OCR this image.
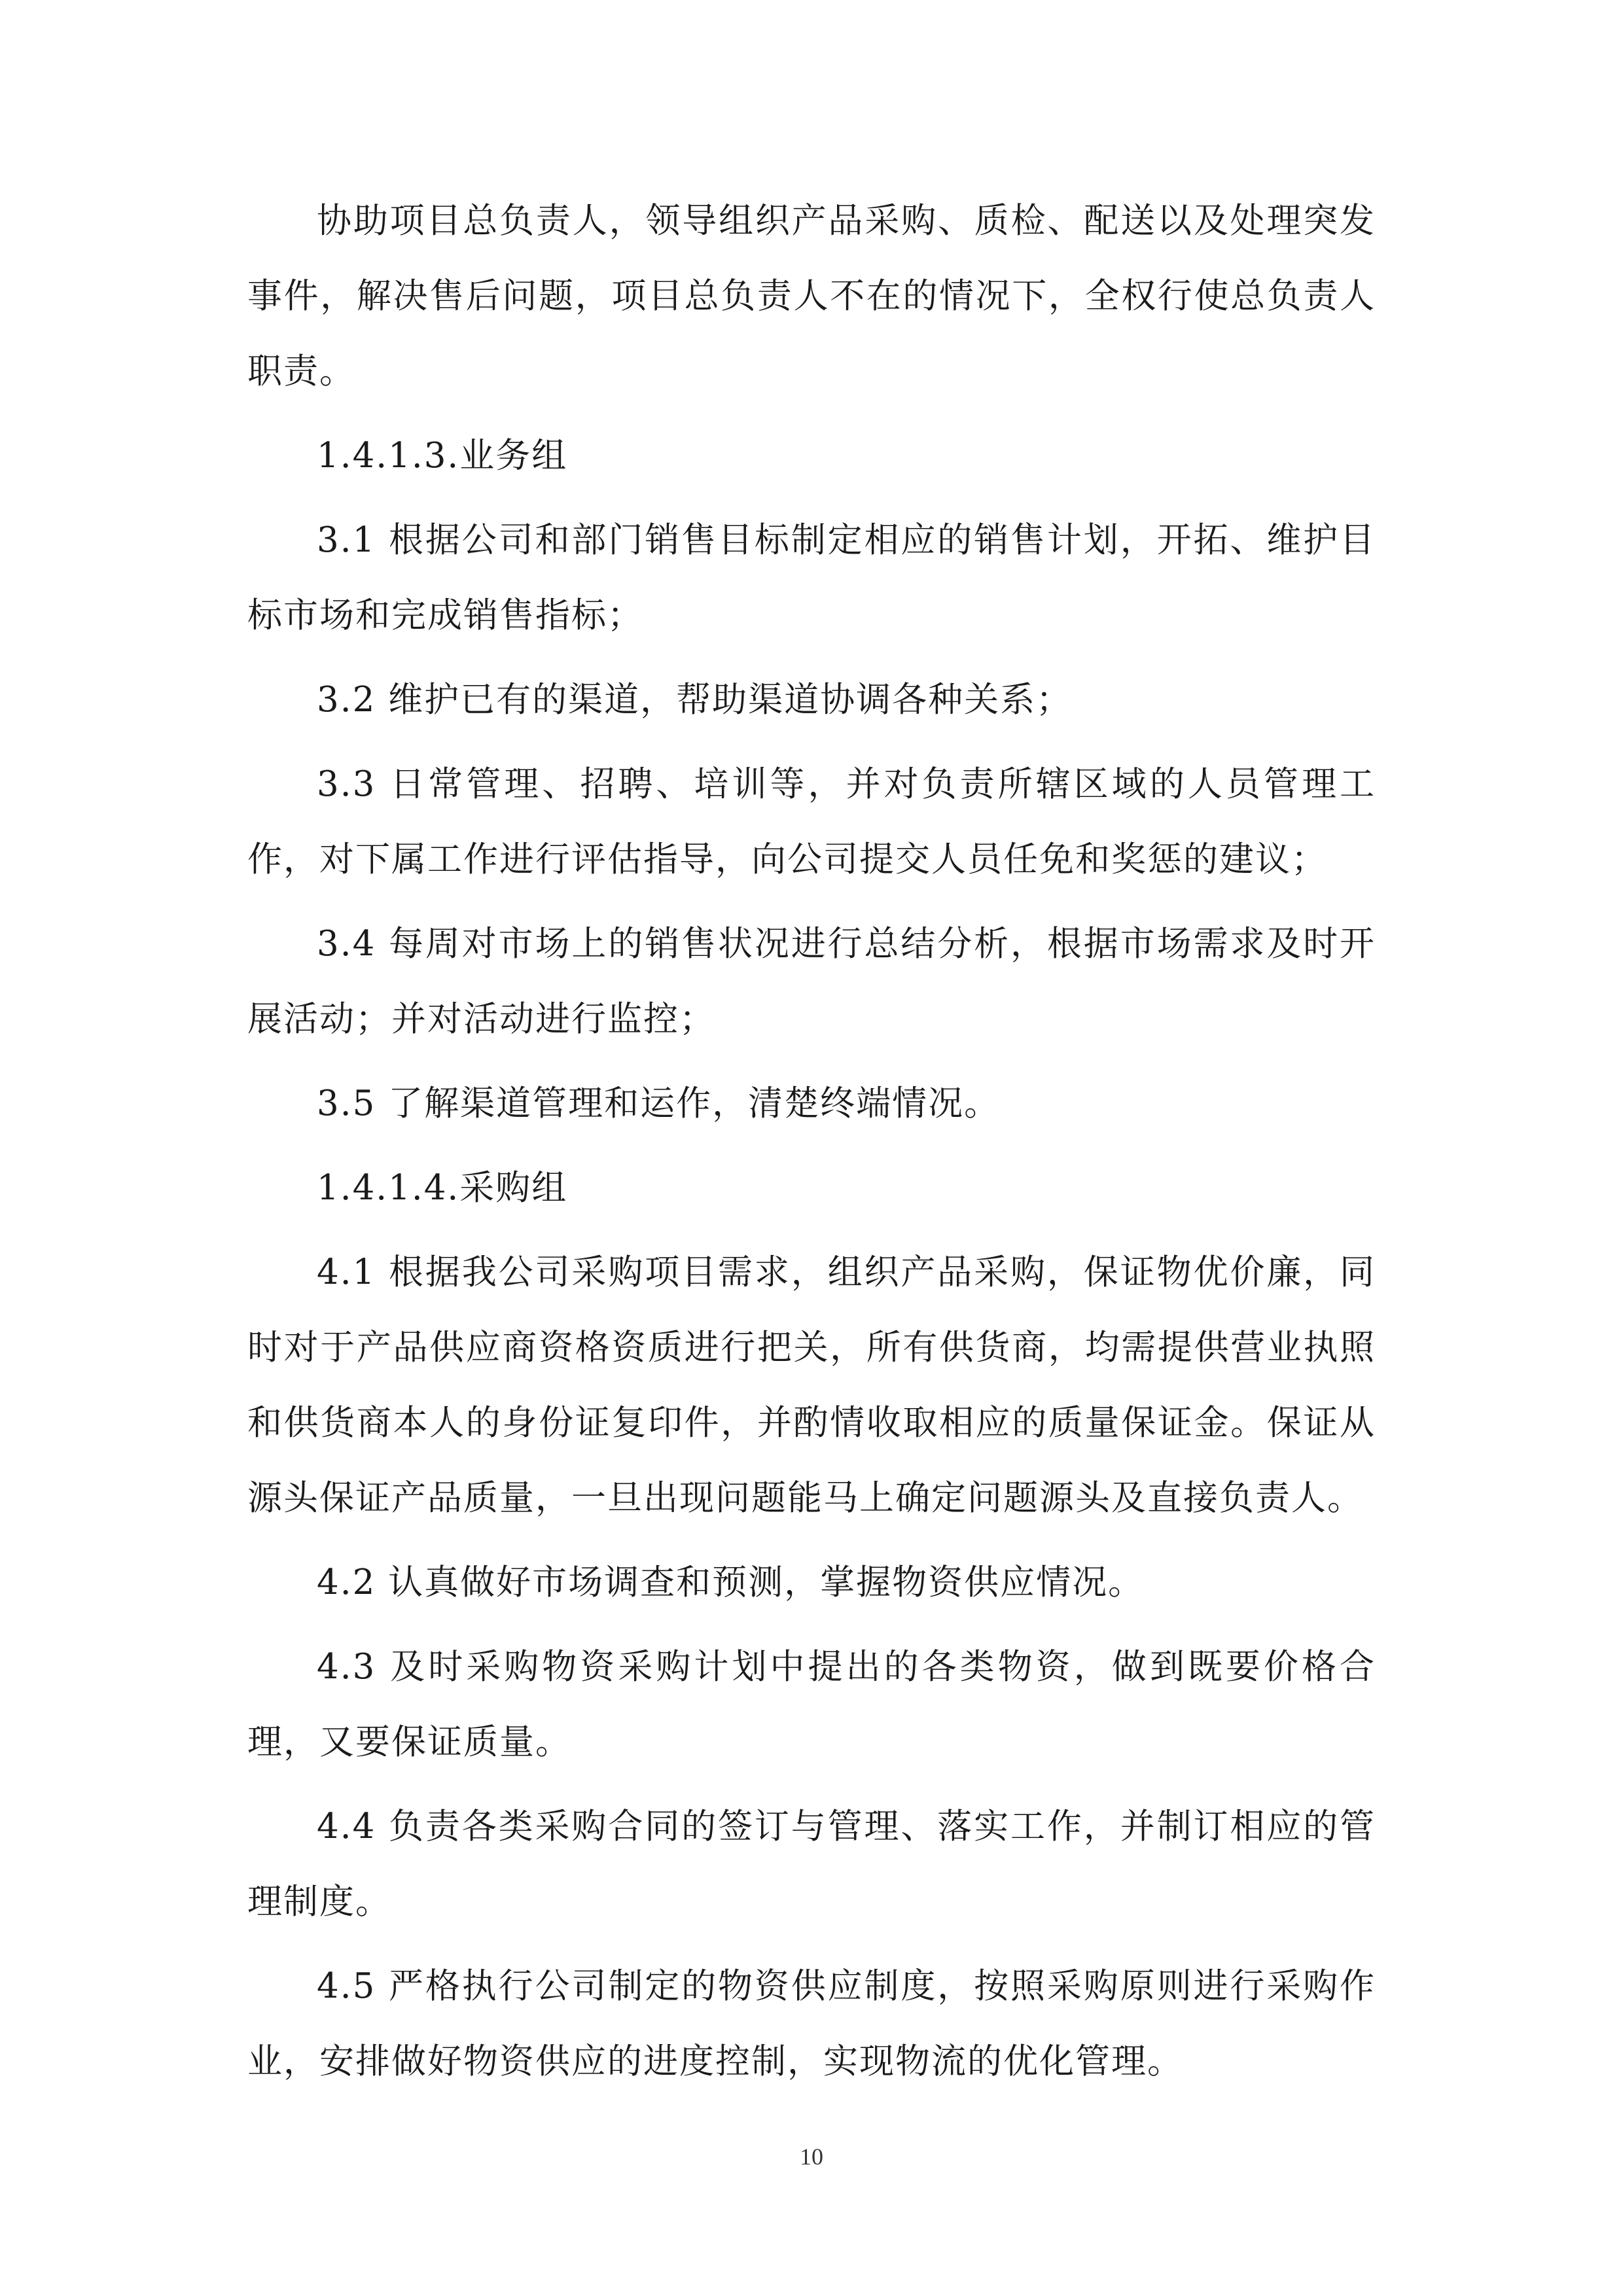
协助项目总负责人，领导组织产品采购、质检、配送以及处理突发事件，解决售后问题，项目总负责人不在的情况下，全权行使总负责人职责。

1.4.1.3.业务组

3.1 根据公司和部门销售目标制定相应的销售计划，开拓、维护目标市场和完成销售指标；

3.2 维护已有的渠道，帮助渠道协调各种关系；

3.3 日常管理、招聘、培训等，并对负责所辖区域的人员管理工作，对下属工作进行评估指导，向公司提交人员任免和奖惩的建议；

3.4 每周对市场上的销售状况进行总结分析，根据市场需求及时开展活动；并对活动进行监控；

3.5 了解渠道管理和运作，清楚终端情况。

1.4.1.4.采购组

4.1 根据我公司采购项目需求，组织产品采购，保证物优价廉，同时对于产品供应商资格资质进行把关，所有供货商，均需提供营业执照和供货商本人的身份证复印件，并酌情收取相应的质量保证金。保证从源头保证产品质量，一旦出现问题能马上确定问题源头及直接负责人。

4.2 认真做好市场调查和预测，掌握物资供应情况。

4.3 及时采购物资采购计划中提出的各类物资，做到既要价格合理，又要保证质量。

4.4 负责各类采购合同的签订与管理、落实工作，并制订相应的管理制度。

4.5 严格执行公司制定的物资供应制度，按照采购原则进行采购作业，安排做好物资供应的进度控制，实现物流的优化管理。

10
